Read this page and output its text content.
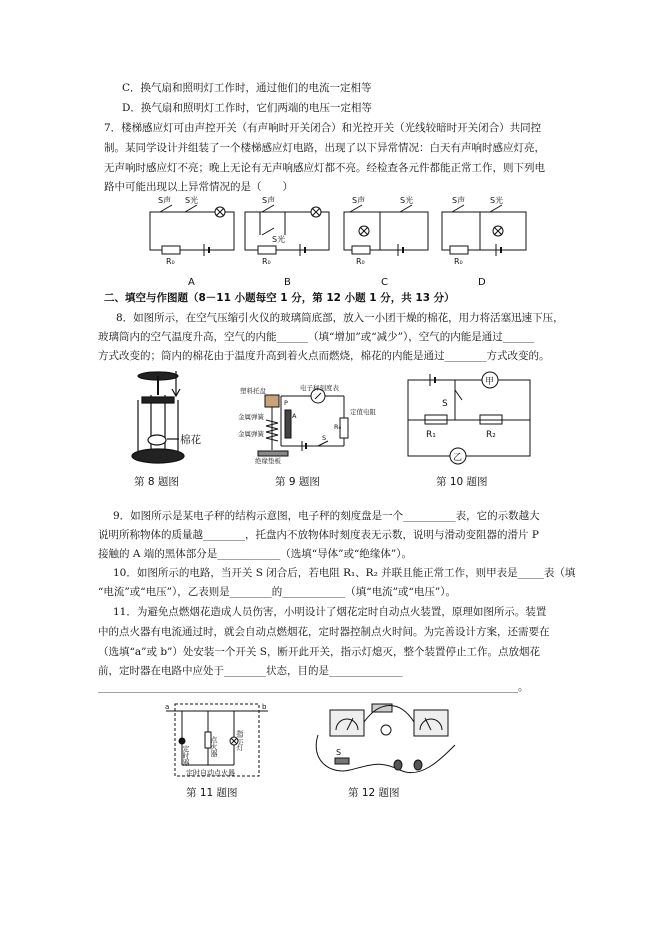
C．换气扇和照明灯工作时，通过他们的电流一定相等
D．换气扇和照明灯工作时，它们两端的电压一定相等
7．楼梯感应灯可由声控开关（有声响时开关闭合）和光控开关（光线较暗时开关闭合）共同控
制。某同学设计并组装了一个楼梯感应灯电路，出现了以下异常情况：白天有声响时感应灯亮，
无声响时感应灯不亮；晚上无论有无声响感应灯都不亮。经检查各元件都能正常工作，则下列电
路中可能出现以上异常情况的是（　　）
S声 S光
R₀
S声
S光
R₀
S声	S光
R₀
S声	S光
R₀
A	B	C	D
二、填空与作图题（8－11 小题每空 1 分，第 12 小题 1 分，共 13 分）
8．如图所示，在空气压缩引火仪的玻璃筒底部，放入一小团干燥的棉花，用力将活塞迅速下压，
玻璃筒内的空气温度升高，空气的内能______（填“增加”或“减少”），空气的内能是通过______
方式改变的；筒内的棉花由于温度升高到着火点而燃烧，棉花的内能是通过________方式改变的。
棉花
第 8 题图
塑料托盘	电子秤刻度表
金属弹簧
金属弹簧
绝缘垫板
R₀
定值电阻
A
P
S
第 9 题图
甲
乙
S
R₁	R₂
第 10 题图
9．如图所示是某电子秤的结构示意图，电子秤的刻度盘是一个__________表，它的示数越大
说明所称物体的质量越________，托盘内不放物体时刻度表无示数，说明与滑动变阻器的滑片 P
接触的 A 端的黑体部分是____________（选填“导体”或“绝缘体”）。
10．如图所示的电路，当开关 S 闭合后，若电阻 R₁、R₂ 并联且能正常工作，则甲表是_____表（填
“电流”或“电压”），乙表则是________的____________（填“电流”或“电压”）。
11．为避免点燃烟花造成人员伤害，小明设计了烟花定时自动点火装置，原理如图所示。装置
中的点火器有电流通过时，就会自动点燃烟花，定时器控制点火时间。为完善设计方案，还需要在
（选填“a”或 b”）处安装一个开关 S，断开此开关，指示灯熄灭，整个装置停止工作。点放烟花
前，定时器在电路中应处于________状态，目的是______________
________________________________________________________________________________。
a	b
定时器	点火器	指示灯
定时自动点火器
第 11 题图
S
第 12 题图
